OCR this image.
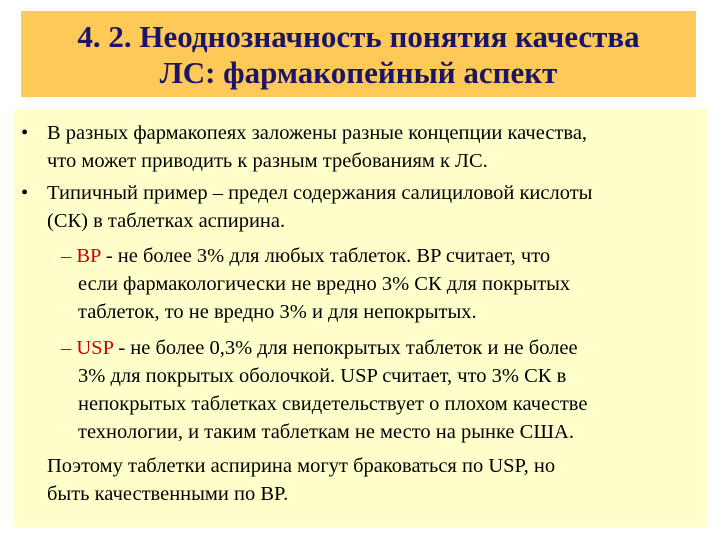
4. 2. Неоднозначность понятия качества
ЛС: фармакопейный аспект
• В разных фармакопеях заложены разные концепции качества,
что может приводить к разным требованиям к ЛС.
• Типичный пример – предел содержания салициловой кислоты
(СК) в таблетках аспирина.
– BP - не более 3% для любых таблеток. BP считает, что
если фармакологически не вредно 3% СК для покрытых
таблеток, то не вредно 3% и для непокрытых.
– USP - не более 0,3% для непокрытых таблеток и не более
3% для покрытых оболочкой. USP считает, что 3% СК в
непокрытых таблетках свидетельствует о плохом качестве
технологии, и таким таблеткам не место на рынке США.
Поэтому таблетки аспирина могут браковаться по USP, но
быть качественными по BP.
